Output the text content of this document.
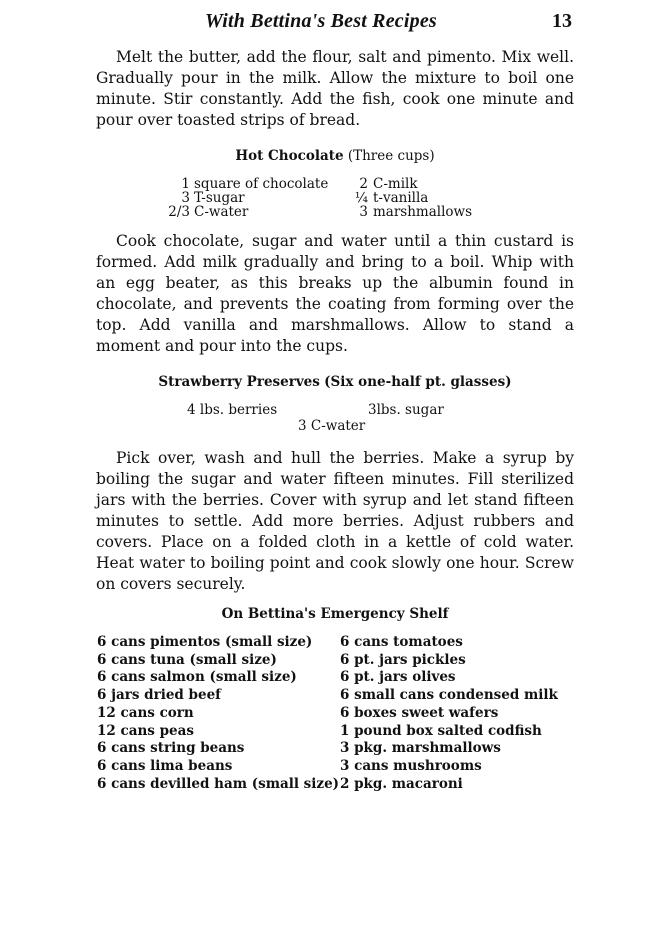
With Bettina's Best Recipes	13

Melt the butter, add the flour, salt and pimento. Mix well. Gradually pour in the milk. Allow the mixture to boil one minute. Stir constantly. Add the fish, cook one minute and pour over toasted strips of bread.

Hot Chocolate (Three cups)

1 square of chocolate
3 T-sugar
2/3 C-water
2 C-milk
¼ t-vanilla
3 marshmallows

Cook chocolate, sugar and water until a thin custard is formed. Add milk gradually and bring to a boil. Whip with an egg beater, as this breaks up the albumin found in chocolate, and prevents the coating from forming over the top. Add vanilla and marshmallows. Allow to stand a moment and pour into the cups.

Strawberry Preserves (Six one-half pt. glasses)

4 lbs. berries	3lbs. sugar
3 C-water

Pick over, wash and hull the berries. Make a syrup by boiling the sugar and water fifteen minutes. Fill sterilized jars with the berries. Cover with syrup and let stand fifteen minutes to settle. Add more berries. Adjust rubbers and covers. Place on a folded cloth in a kettle of cold water. Heat water to boiling point and cook slowly one hour. Screw on covers securely.

On Bettina's Emergency Shelf

6 cans pimentos (small size)
6 cans tuna (small size)
6 cans salmon (small size)
6 jars dried beef
12 cans corn
12 cans peas
6 cans string beans
6 cans lima beans
6 cans devilled ham (small size)
6 cans tomatoes
6 pt. jars pickles
6 pt. jars olives
6 small cans condensed milk
6 boxes sweet wafers
1 pound box salted codfish
3 pkg. marshmallows
3 cans mushrooms
2 pkg. macaroni
